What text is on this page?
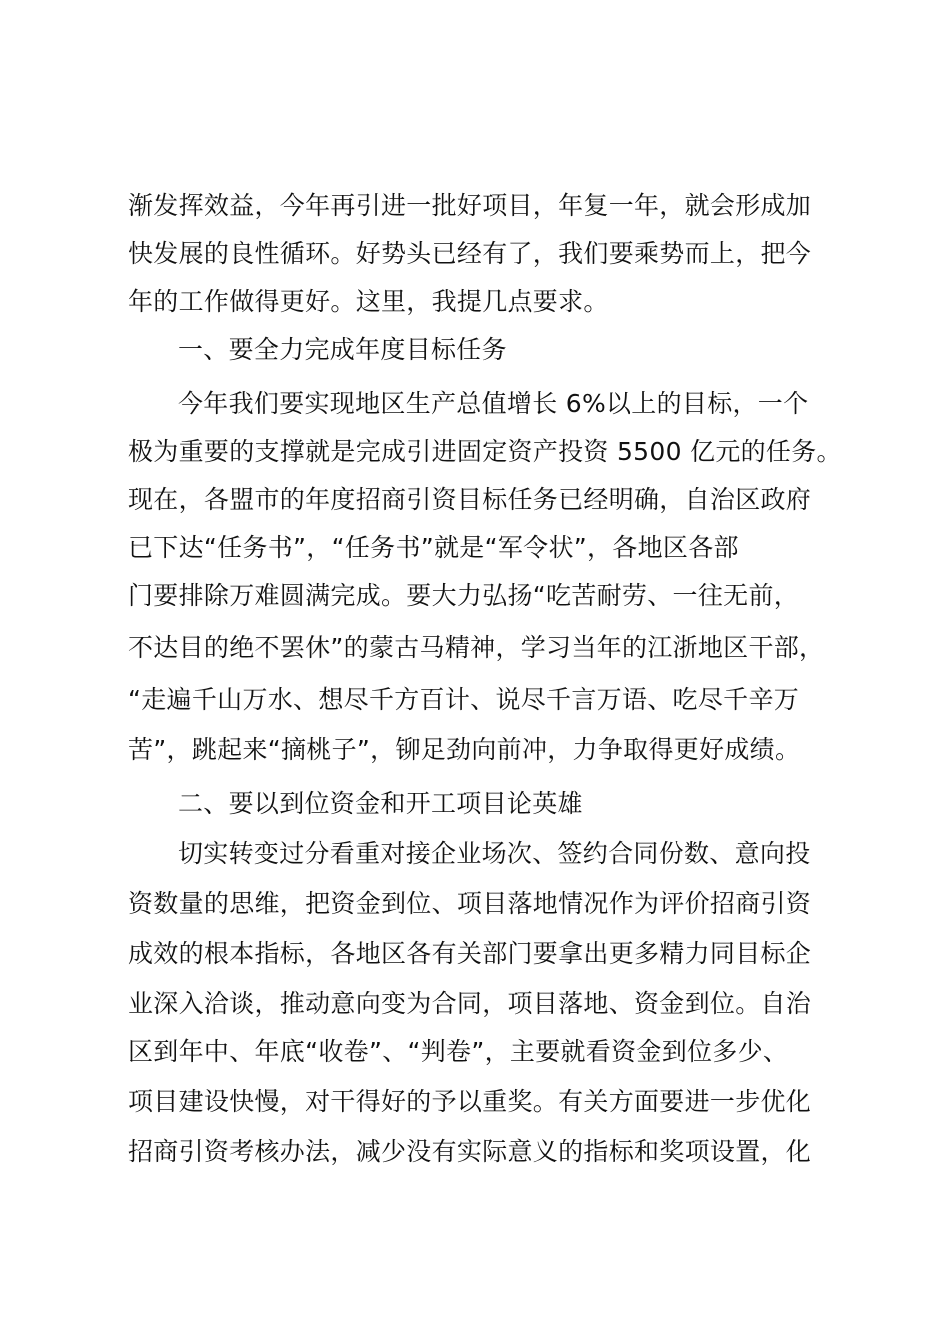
渐发挥效益，今年再引进一批好项目，年复一年，就会形成加
快发展的良性循环。好势头已经有了，我们要乘势而上，把今
年的工作做得更好。这里，我提几点要求。
一、要全力完成年度目标任务
今年我们要实现地区生产总值增长 6%以上的目标，一个
极为重要的支撑就是完成引进固定资产投资 5500 亿元的任务。
现在，各盟市的年度招商引资目标任务已经明确，自治区政府
已下达“任务书”，“任务书”就是“军令状”，各地区各部
门要排除万难圆满完成。要大力弘扬“吃苦耐劳、一往无前，
不达目的绝不罢休”的蒙古马精神，学习当年的江浙地区干部，
“走遍千山万水、想尽千方百计、说尽千言万语、吃尽千辛万
苦”，跳起来“摘桃子”，铆足劲向前冲，力争取得更好成绩。
二、要以到位资金和开工项目论英雄
切实转变过分看重对接企业场次、签约合同份数、意向投
资数量的思维，把资金到位、项目落地情况作为评价招商引资
成效的根本指标，各地区各有关部门要拿出更多精力同目标企
业深入洽谈，推动意向变为合同，项目落地、资金到位。自治
区到年中、年底“收卷”、“判卷”，主要就看资金到位多少、
项目建设快慢，对干得好的予以重奖。有关方面要进一步优化
招商引资考核办法，减少没有实际意义的指标和奖项设置，化
